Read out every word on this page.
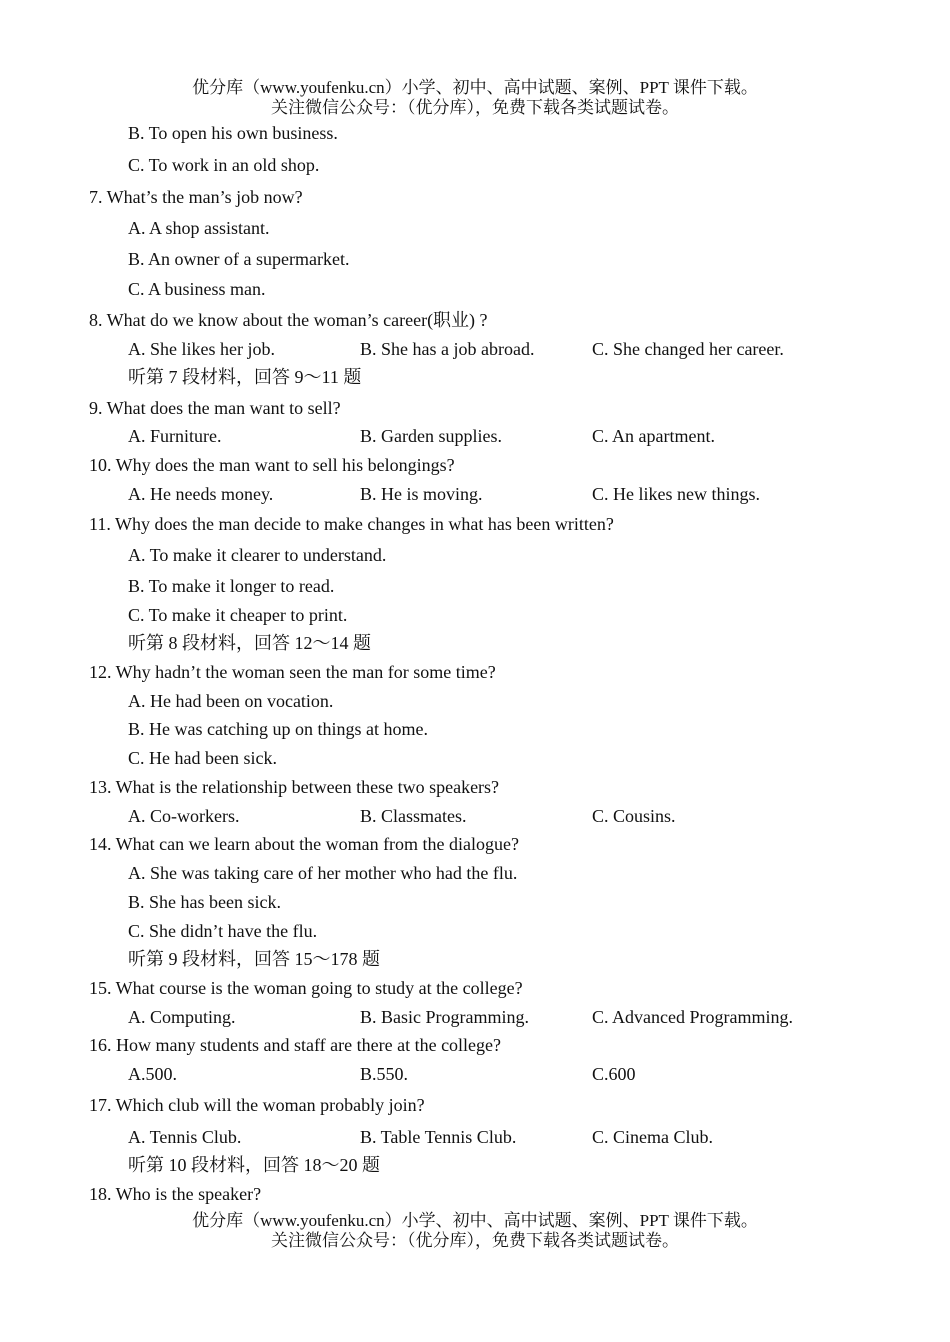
优分库（www.youfenku.cn）小学、初中、高中试题、案例、PPT 课件下载。
关注微信公众号：（优分库），免费下载各类试题试卷。
B. To open his own business.
C. To work in an old shop.
7. What’s the man’s job now?
A. A shop assistant.
B. An owner of a supermarket.
C. A business man.
8. What do we know about the woman’s career(职业) ?
A. She likes her job.	B. She has a job abroad.	C. She changed her career.
听第 7 段材料，回答 9～11 题
9. What does the man want to sell?
A. Furniture.	B. Garden supplies.	C. An apartment.
10. Why does the man want to sell his belongings?
A. He needs money.	B. He is moving.	C. He likes new things.
11. Why does the man decide to make changes in what has been written?
A. To make it clearer to understand.
B. To make it longer to read.
C. To make it cheaper to print.
听第 8 段材料，回答 12～14 题
12. Why hadn’t the woman seen the man for some time?
A. He had been on vocation.
B. He was catching up on things at home.
C. He had been sick.
13. What is the relationship between these two speakers?
A. Co-workers.	B. Classmates.	C. Cousins.
14. What can we learn about the woman from the dialogue?
A. She was taking care of her mother who had the flu.
B. She has been sick.
C. She didn’t have the flu.
听第 9 段材料，回答 15～178 题
15. What course is the woman going to study at the college?
A. Computing.	B. Basic Programming.	C. Advanced Programming.
16. How many students and staff are there at the college?
A.500.	B.550.	C.600
17. Which club will the woman probably join?
A. Tennis Club.	B. Table Tennis Club.	C. Cinema Club.
听第 10 段材料，回答 18～20 题
18. Who is the speaker?
优分库（www.youfenku.cn）小学、初中、高中试题、案例、PPT 课件下载。
关注微信公众号：（优分库），免费下载各类试题试卷。
